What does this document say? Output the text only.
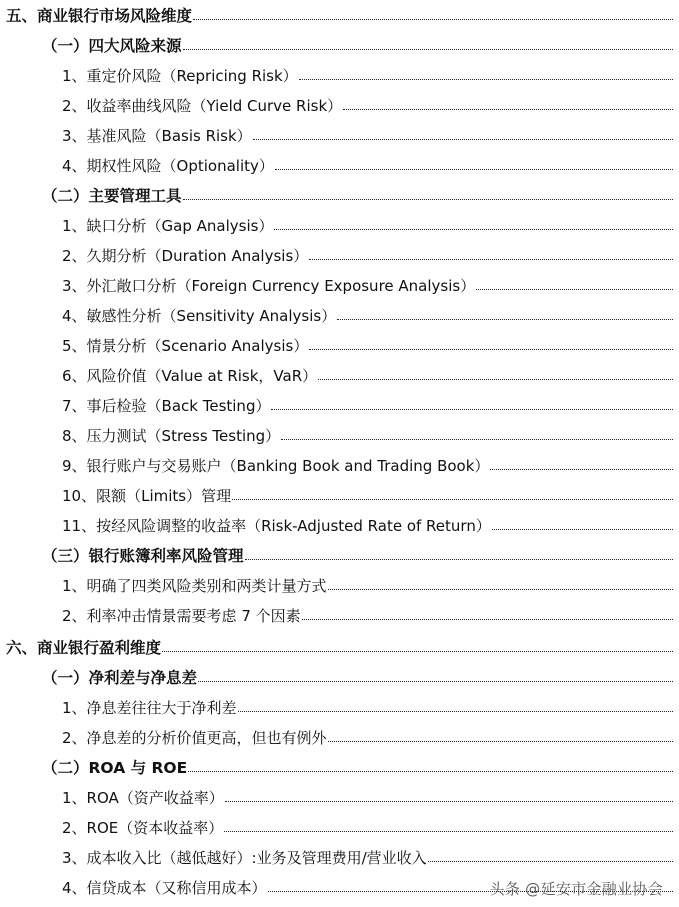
五、商业银行市场风险维度
（一）四大风险来源
1、重定价风险（Repricing Risk）
2、收益率曲线风险（Yield Curve Risk）
3、基准风险（Basis Risk）
4、期权性风险（Optionality）
（二）主要管理工具
1、缺口分析（Gap Analysis）
2、久期分析（Duration Analysis）
3、外汇敞口分析（Foreign Currency Exposure Analysis）
4、敏感性分析（Sensitivity Analysis）
5、情景分析（Scenario Analysis）
6、风险价值（Value at Risk，VaR）
7、事后检验（Back Testing）
8、压力测试（Stress Testing）
9、银行账户与交易账户（Banking Book and Trading Book）
10、限额（Limits）管理
11、按经风险调整的收益率（Risk-Adjusted Rate of Return）
（三）银行账簿利率风险管理
1、明确了四类风险类别和两类计量方式
2、利率冲击情景需要考虑 7 个因素
六、商业银行盈利维度
（一）净利差与净息差
1、净息差往往大于净利差
2、净息差的分析价值更高，但也有例外
（二）ROA 与 ROE
1、ROA（资产收益率）
2、ROE（资本收益率）
3、成本收入比（越低越好）:业务及管理费用/营业收入
4、信贷成本（又称信用成本）	头条 @延安市金融业协会
